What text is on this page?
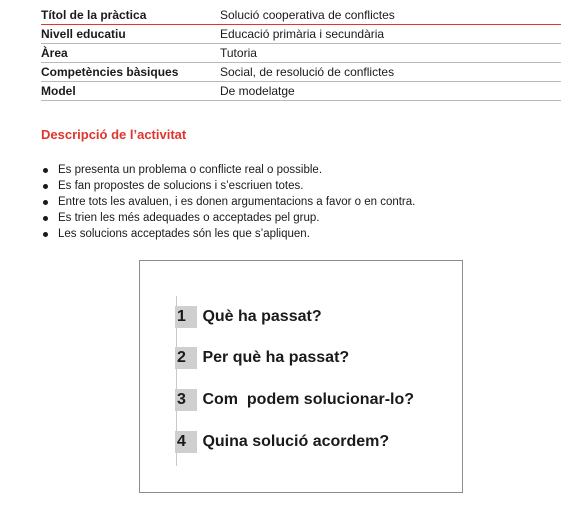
Títol de la pràctica	Solució cooperativa de conflictes
Nivell educatiu	Educació primària i secundària
Àrea	Tutoria
Competències bàsiques	Social, de resolució de conflictes
Model	De modelatge
Descripció de l’activitat
Es presenta un problema o conflicte real o possible.
Es fan propostes de solucions i s’escriuen totes.
Entre tots les avaluen, i es donen argumentacions a favor o en contra.
Es trien les més adequades o acceptades pel grup.
Les solucions acceptades són les que s’apliquen.
1 Què ha passat?
2 Per què ha passat?
3 Com  podem solucionar-lo?
4 Quina solució acordem?
